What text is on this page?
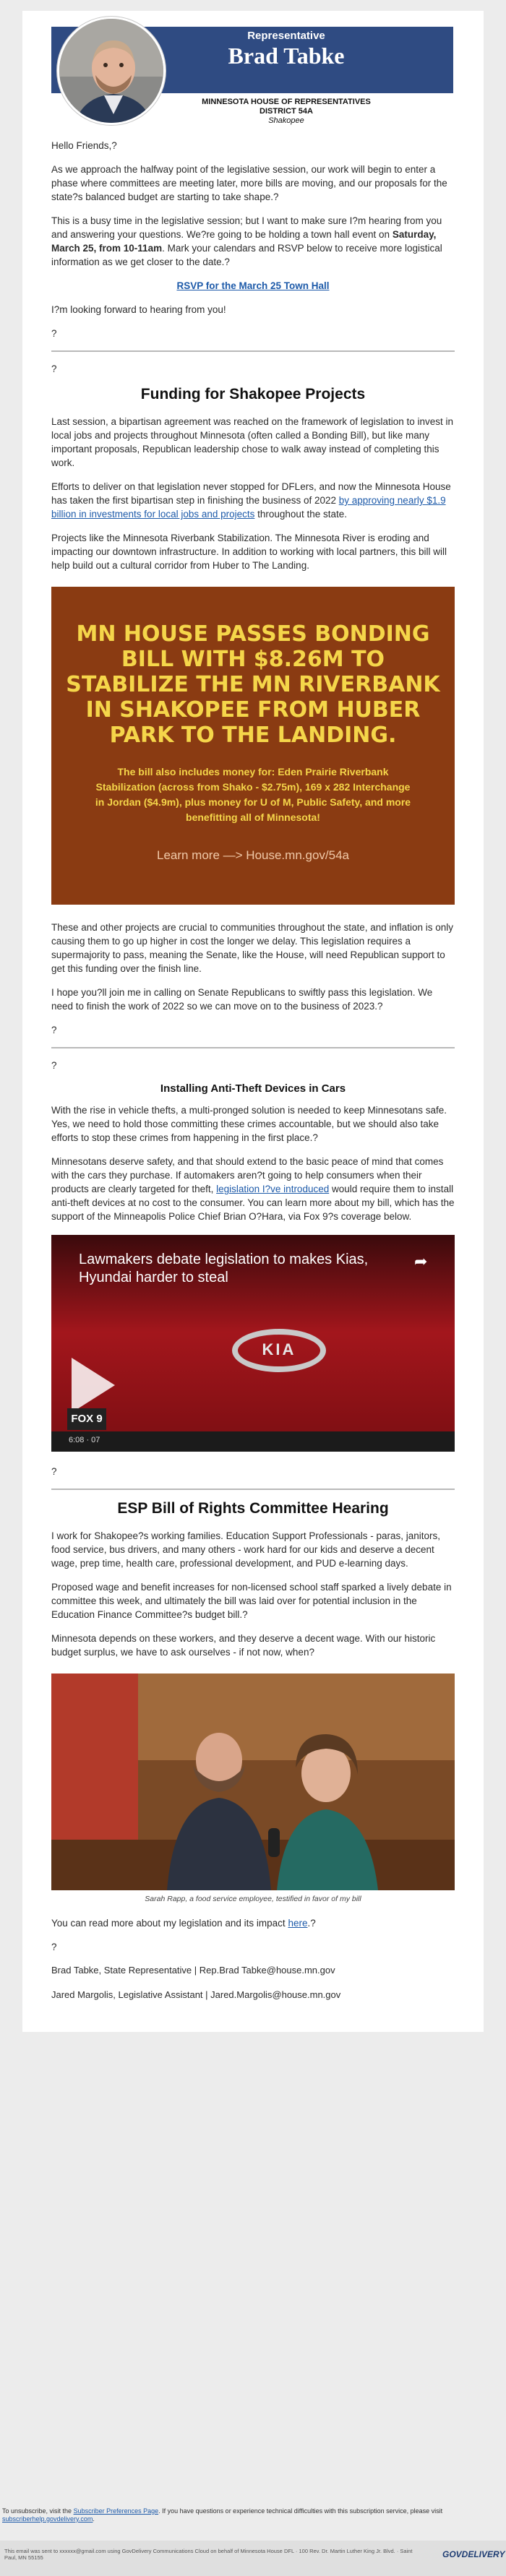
Representative
Brad Tabke
MINNESOTA HOUSE OF REPRESENTATIVES
DISTRICT 54A
Shakopee

Hello Friends,?

As we approach the halfway point of the legislative session, our work will begin to enter a phase where committees are meeting later, more bills are moving, and our proposals for the state?s balanced budget are starting to take shape.?

This is a busy time in the legislative session; but I want to make sure I?m hearing from you and answering your questions. We?re going to be holding a town hall event on Saturday, March 25, from 10-11am. Mark your calendars and RSVP below to receive more logistical information as we get closer to the date.?

RSVP for the March 25 Town Hall

I?m looking forward to hearing from you!

?
?
Funding for Shakopee Projects

Last session, a bipartisan agreement was reached on the framework of legislation to invest in local jobs and projects throughout Minnesota (often called a Bonding Bill), but like many important proposals, Republican leadership chose to walk away instead of completing this work.

Efforts to deliver on that legislation never stopped for DFLers, and now the Minnesota House has taken the first bipartisan step in finishing the business of 2022 by approving nearly $1.9 billion in investments for local jobs and projects throughout the state.

Projects like the Minnesota Riverbank Stabilization. The Minnesota River is eroding and impacting our downtown infrastructure. In addition to working with local partners, this bill will help build out a cultural corridor from Huber to The Landing.

MN HOUSE PASSES BONDING BILL WITH $8.26M TO STABILIZE THE MN RIVERBANK IN SHAKOPEE FROM HUBER PARK TO THE LANDING.
The bill also includes money for: Eden Prairie Riverbank Stabilization (across from Shako - $2.75m), 169 x 282 Interchange in Jordan ($4.9m), plus money for U of M, Public Safety, and more benefitting all of Minnesota!
Learn more —> House.mn.gov/54a

These and other projects are crucial to communities throughout the state, and inflation is only causing them to go up higher in cost the longer we delay. This legislation requires a supermajority to pass, meaning the Senate, like the House, will need Republican support to get this funding over the finish line.

I hope you?ll join me in calling on Senate Republicans to swiftly pass this legislation. We need to finish the work of 2022 so we can move on to the business of 2023.?

?
?
Installing Anti-Theft Devices in Cars

With the rise in vehicle thefts, a multi-pronged solution is needed to keep Minnesotans safe. Yes, we need to hold those committing these crimes accountable, but we should also take efforts to stop these crimes from happening in the first place.?

Minnesotans deserve safety, and that should extend to the basic peace of mind that comes with the cars they purchase. If automakers aren?t going to help consumers when their products are clearly targeted for theft, legislation I?ve introduced would require them to install anti-theft devices at no cost to the consumer. You can learn more about my bill, which has the support of the Minneapolis Police Chief Brian O?Hara, via Fox 9?s coverage below.

Lawmakers debate legislation to makes Kias, Hyundai harder to steal
➦
KIA
FOX 9
6:08 · 07
?
ESP Bill of Rights Committee Hearing

I work for Shakopee?s working families. Education Support Professionals - paras, janitors, food service, bus drivers, and many others - work hard for our kids and deserve a decent wage, prep time, health care, professional development, and PUD e-learning days.

Proposed wage and benefit increases for non-licensed school staff sparked a lively debate in committee this week, and ultimately the bill was laid over for potential inclusion in the Education Finance Committee?s budget bill.?

Minnesota depends on these workers, and they deserve a decent wage. With our historic budget surplus, we have to ask ourselves - if not now, when?

Sarah Rapp, a food service employee, testified in favor of my bill

You can read more about my legislation and its impact here.?

?
Brad Tabke, State Representative | Rep.Brad Tabke@house.mn.gov
Jared Margolis, Legislative Assistant | Jared.Margolis@house.mn.gov
To unsubscribe, visit the Subscriber Preferences Page. If you have questions or experience technical difficulties with this subscription service, please visit subscriberhelp.govdelivery.com.
This email was sent to xxxxxx@gmail.com using GovDelivery Communications Cloud on behalf of Minnesota House DFL · 100 Rev. Dr. Martin Luther King Jr. Blvd. · Saint Paul, MN 55155	GOVDELIVERY
